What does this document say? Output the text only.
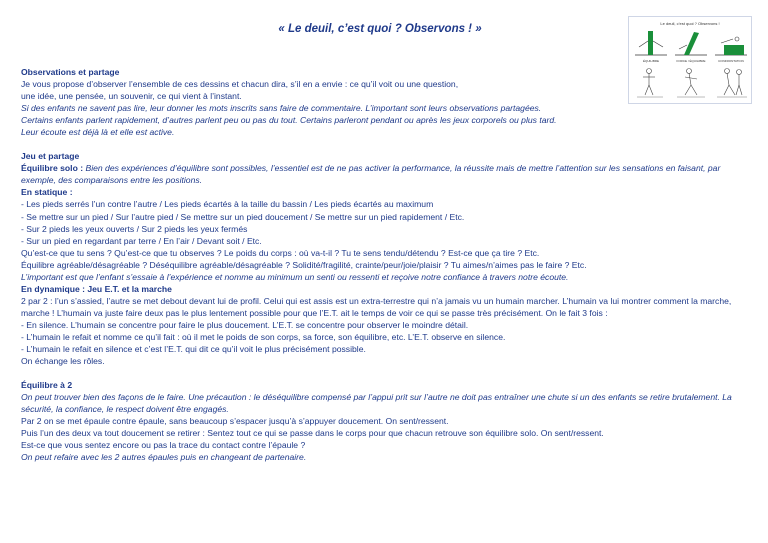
« Le deuil, c’est quoi ? Observons ! »	Le deuil, c’est quoi ? Observons !
ÉQUILIBRE	FORCE / ÉQUILIBRE	CONFRONTATION

Observations et partage

Je vous propose d’observer l’ensemble de ces dessins et chacun dira, s’il en a envie : ce qu’il voit ou une question,

une idée, une pensée, un souvenir, ce qui vient à l’instant.

Si des enfants ne savent pas lire, leur donner les mots inscrits sans faire de commentaire. L’important sont leurs observations partagées.

Certains enfants parlent rapidement, d’autres parlent peu ou pas du tout. Certains parleront pendant ou après les jeux corporels ou plus tard.

Leur écoute est déjà là et elle est active.

Jeu et partage

Équilibre solo : Bien des expériences d’équilibre sont possibles, l’essentiel est de ne pas activer la performance, la réussite mais de mettre l’attention sur les sensations en faisant, par exemple, des comparaisons entre les positions.

En statique :

- Les pieds serrés l’un contre l’autre / Les pieds écartés à la taille du bassin / Les pieds écartés au maximum

- Se mettre sur un pied / Sur l’autre pied / Se mettre sur un pied doucement / Se mettre sur un pied rapidement / Etc.

- Sur 2 pieds les yeux ouverts / Sur 2 pieds les yeux fermés

- Sur un pied en regardant par terre / En l’air / Devant soit / Etc.

Qu’est-ce que tu sens ? Qu’est-ce que tu observes ? Le poids du corps : où va-t-il ? Tu te sens tendu/détendu ? Est-ce que ça tire ? Etc.

Équilibre agréable/désagréable ? Déséquilibre agréable/désagréable ? Solidité/fragilité, crainte/peur/joie/plaisir ? Tu aimes/n’aimes pas le faire ? Etc.

L’important est que l’enfant s’essaie à l’expérience et nomme au minimum un senti ou ressenti et reçoive notre confiance à travers notre écoute.

En dynamique : Jeu E.T. et la marche

2 par 2 : l’un s’assied, l’autre se met debout devant lui de profil. Celui qui est assis est un extra-terrestre qui n’a jamais vu un humain marcher. L’humain va lui montrer comment la marche, marche ! L’humain va juste faire deux pas le plus lentement possible pour que l’E.T. ait le temps de voir ce qui se passe très précisément. On le fait 3 fois :

- En silence. L’humain se concentre pour faire le plus doucement. L’E.T. se concentre pour observer le moindre détail.

- L’humain le refait et nomme ce qu’il fait : où il met le poids de son corps, sa force, son équilibre, etc. L’E.T. observe en silence.

- L’humain le refait en silence et c’est l’E.T. qui dit ce qu’il voit le plus précisément possible.

On échange les rôles.

Équilibre à 2

On peut trouver bien des façons de le faire. Une précaution : le déséquilibre compensé par l’appui prit sur l’autre ne doit pas entraîner une chute si un des enfants se retire brutalement. La sécurité, la confiance, le respect doivent être engagés.

Par 2 on se met épaule contre épaule, sans beaucoup s’espacer jusqu’à s’appuyer doucement. On sent/ressent.

Puis l’un des deux va tout doucement se retirer : Sentez tout ce qui se passe dans le corps pour que chacun retrouve son équilibre solo. On sent/ressent.

Est-ce que vous sentez encore ou pas la trace du contact contre l’épaule ?

On peut refaire avec les 2 autres épaules puis en changeant de partenaire.
